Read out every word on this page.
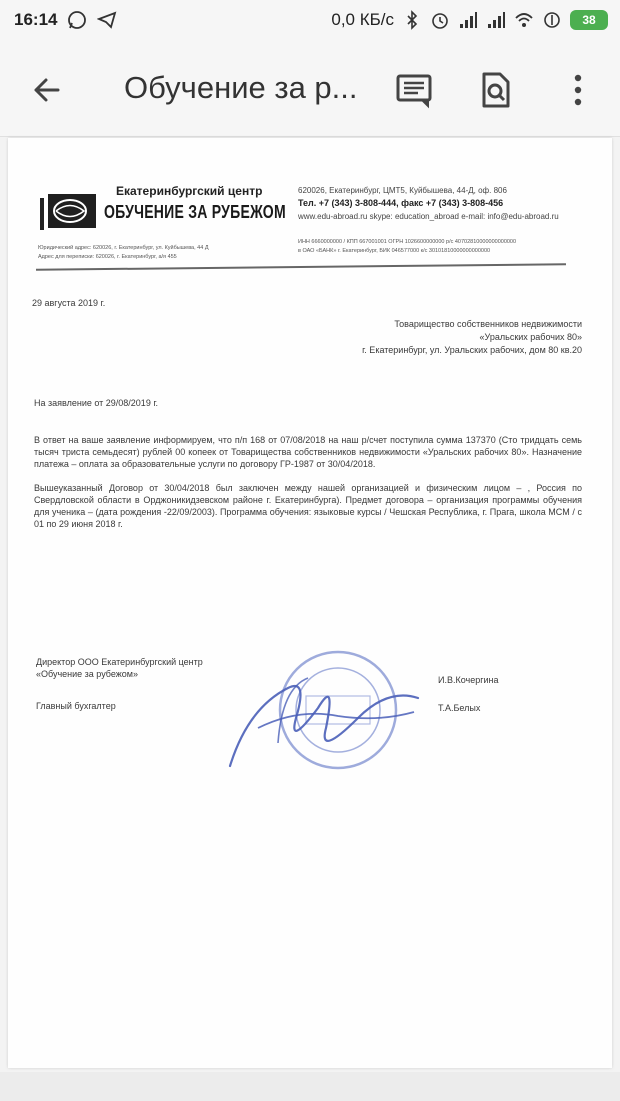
16:14	0,0 КБ/с	38
Обучение за р...
Екатеринбургский центр
ОБУЧЕНИЕ ЗА РУБЕЖОМ
620026, Екатеринбург, ЦМТ5, Куйбышева, 44-Д, оф. 806
Тел. +7 (343) 3-808-444, факс +7 (343) 3-808-456
www.edu-abroad.ru skype: education_abroad e-mail: info@edu-abroad.ru
Юридический адрес: 620026, г. Екатеринбург, ул. Куйбышева, 44 Д
Адрес для переписки: 620026, г. Екатеринбург, а/я 455
ИНН 6660000000 / КПП 667001001 ОГРН 1026600000000 р/с 40702810000000000000
в ОАО «БАНК» г. Екатеринбург, БИК 046577000 к/с 30101810000000000000
29 августа 2019 г.
Товарищество собственников недвижимости
«Уральских рабочих 80»
г. Екатеринбург, ул. Уральских рабочих, дом 80 кв.20
На заявление от 29/08/2019 г.

В ответ на ваше заявление информируем, что п/п 168 от 07/08/2018 на наш р/счет поступила сумма 137370 (Сто тридцать семь тысяч триста семьдесят) рублей 00 копеек от Товарищества собственников недвижимости «Уральских рабочих 80». Назначение платежа – оплата за образовательные услуги по договору ГР-1987 от 30/04/2018.

Вышеуказанный Договор от 30/04/2018 был заключен между нашей организацией и физическим лицом – , Россия по Свердловской области в Орджоникидзевском районе г. Екатеринбурга). Предмет договора – организация программы обучения для ученика – (дата рождения -22/09/2003). Программа обучения: языковые курсы / Чешская Республика, г. Прага, школа MCM / с 01 по 29 июня 2018 г.

Директор ООО Екатеринбургский центр
«Обучение за рубежом»
Главный бухгалтер
И.В.Кочергина
Т.А.Белых
